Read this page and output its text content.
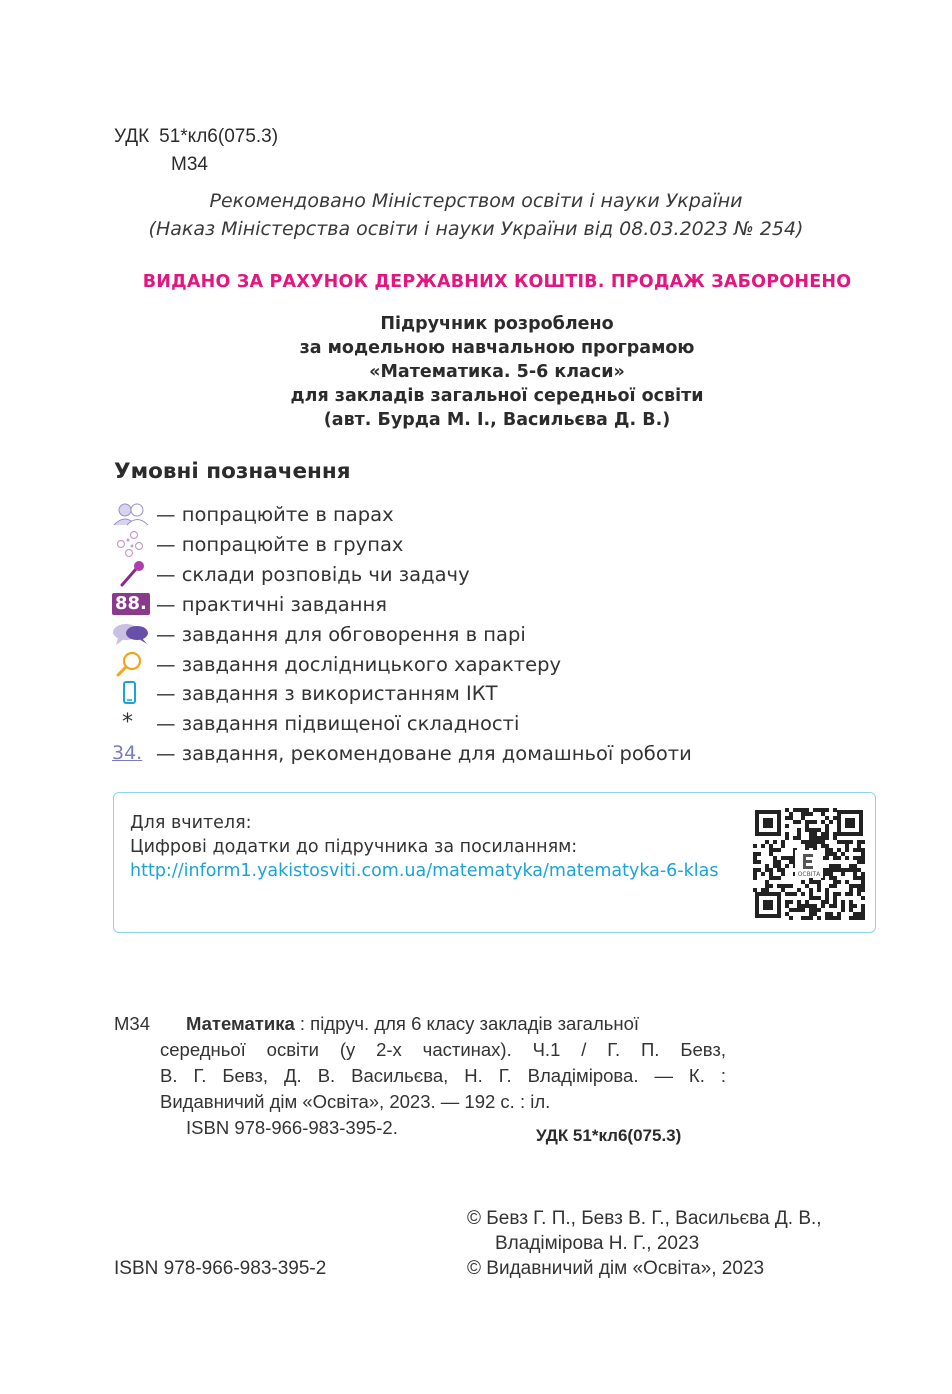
УДК 51*кл6(075.3)
М34
Рекомендовано Міністерством освіти і науки України
(Наказ Міністерства освіти і науки України від 08.03.2023 № 254)
ВИДАНО ЗА РАХУНОК ДЕРЖАВНИХ КОШТІВ. ПРОДАЖ ЗАБОРОНЕНО
Підручник розроблено
за модельною навчальною програмою
«Математика. 5-6 класи»
для закладів загальної середньої освіти
(авт. Бурда М. І., Васильєва Д. В.)
Умовні позначення
— попрацюйте в парах
— попрацюйте в групах
— склади розповідь чи задачу
88. — практичні завдання
— завдання для обговорення в парі
— завдання дослідницького характеру
— завдання з використанням ІКТ
* — завдання підвищеної складності
34. — завдання, рекомендоване для домашньої роботи
Для вчителя:
Цифрові додатки до підручника за посиланням:
http://inform1.yakistosviti.com.ua/matematyka/matematyka-6-klas	ОСВІТА
М34	Математика : підруч. для 6 класу закладів загальної
середньої освіти (у 2-х частинах). Ч.1 / Г. П. Бевз,
В. Г. Бевз, Д. В. Васильєва, Н. Г. Владімірова. — К. :
Видавничий дім «Освіта», 2023. — 192 с. : іл.
ISBN 978-966-983-395-2.	УДК 51*кл6(075.3)
© Бевз Г. П., Бевз В. Г., Васильєва Д. В.,
Владімірова Н. Г., 2023
© Видавничий дім «Освіта», 2023
ISBN 978-966-983-395-2
